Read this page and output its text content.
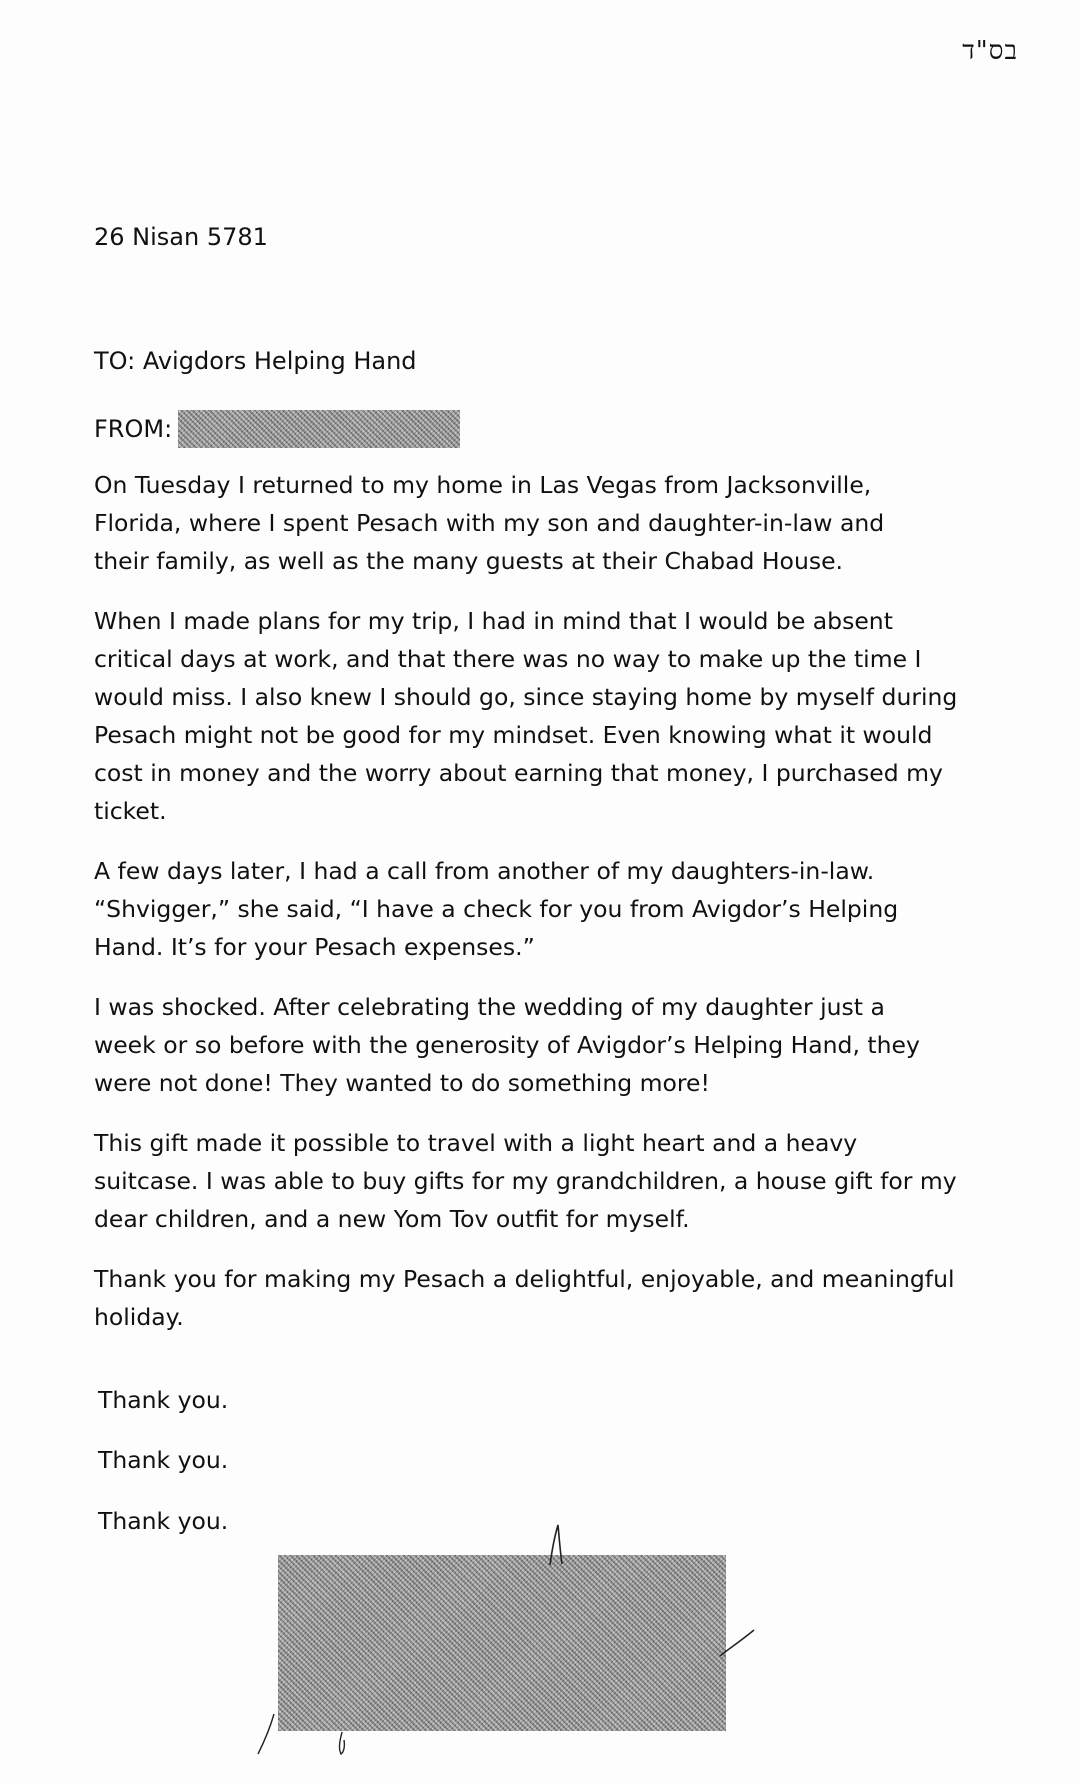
בס"ד
26 Nisan 5781
TO: Avigdors Helping Hand
FROM:

On Tuesday I returned to my home in Las Vegas from Jacksonville,
Florida, where I spent Pesach with my son and daughter-in-law and
their family, as well as the many guests at their Chabad House.

When I made plans for my trip, I had in mind that I would be absent
critical days at work, and that there was no way to make up the time I
would miss. I also knew I should go, since staying home by myself during
Pesach might not be good for my mindset. Even knowing what it would
cost in money and the worry about earning that money, I purchased my
ticket.

A few days later, I had a call from another of my daughters-in-law.
“Shvigger,” she said, “I have a check for you from Avigdor’s Helping
Hand. It’s for your Pesach expenses.”

I was shocked. After celebrating the wedding of my daughter just a
week or so before with the generosity of Avigdor’s Helping Hand, they
were not done! They wanted to do something more!

This gift made it possible to travel with a light heart and a heavy
suitcase. I was able to buy gifts for my grandchildren, a house gift for my
dear children, and a new Yom Tov outfit for myself.

Thank you for making my Pesach a delightful, enjoyable, and meaningful
holiday.

Thank you.
Thank you.
Thank you.
